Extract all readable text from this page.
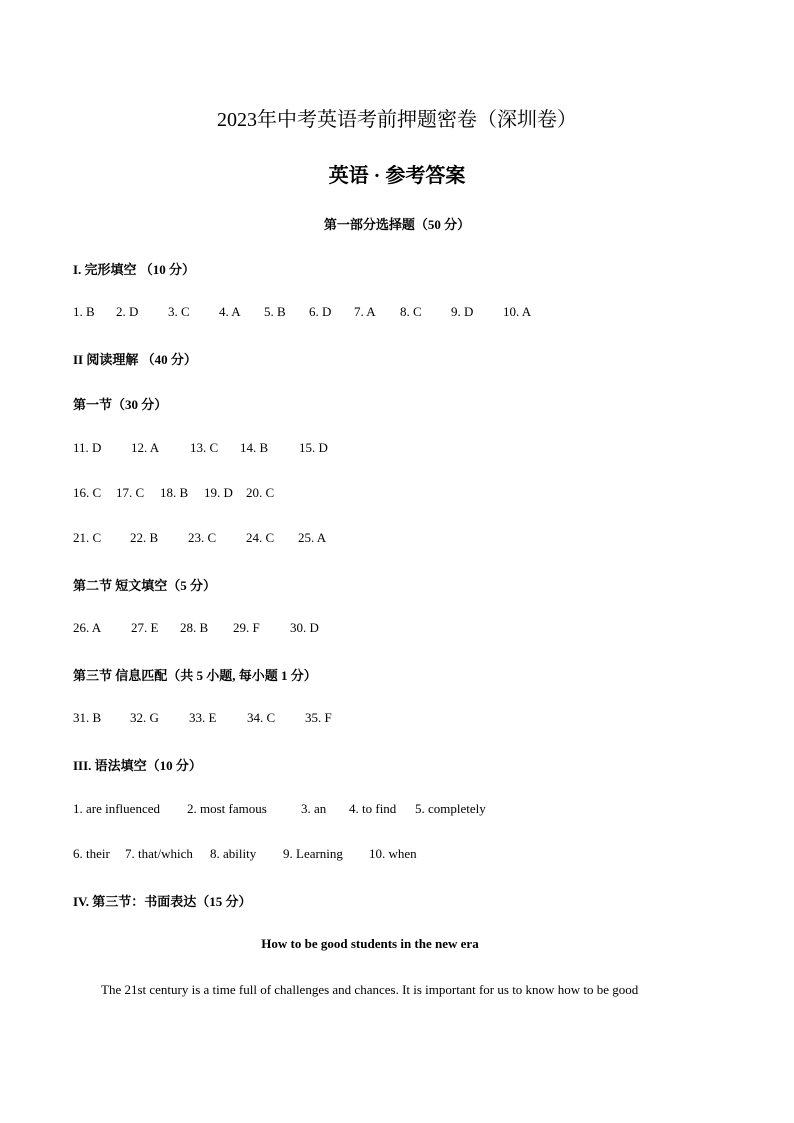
2023年中考英语考前押题密卷（深圳卷）
英语 · 参考答案
第一部分选择题（50 分）
I. 完形填空 （10 分）
1. B 2. D 3. C 4. A 5. B 6. D 7. A 8. C 9. D 10. A
II 阅读理解 （40 分）
第一节（30 分）
11. D 12. A 13. C 14. B 15. D
16. C 17. C 18. B 19. D 20. C
21. C 22. B 23. C 24. C 25. A
第二节 短文填空（5 分）
26. A 27. E 28. B 29. F 30. D
第三节 信息匹配（共 5 小题, 每小题 1 分）
31. B 32. G 33. E 34. C 35. F
III. 语法填空（10 分）
1. are influenced 2. most famous	3. an 4. to find 5. completely
6. their 7. that/which 8. ability 9. Learning 10. when
IV. 第三节：书面表达（15 分）
How to be good students in the new era
The 21st century is a time full of challenges and chances. It is important for us to know how to be good
